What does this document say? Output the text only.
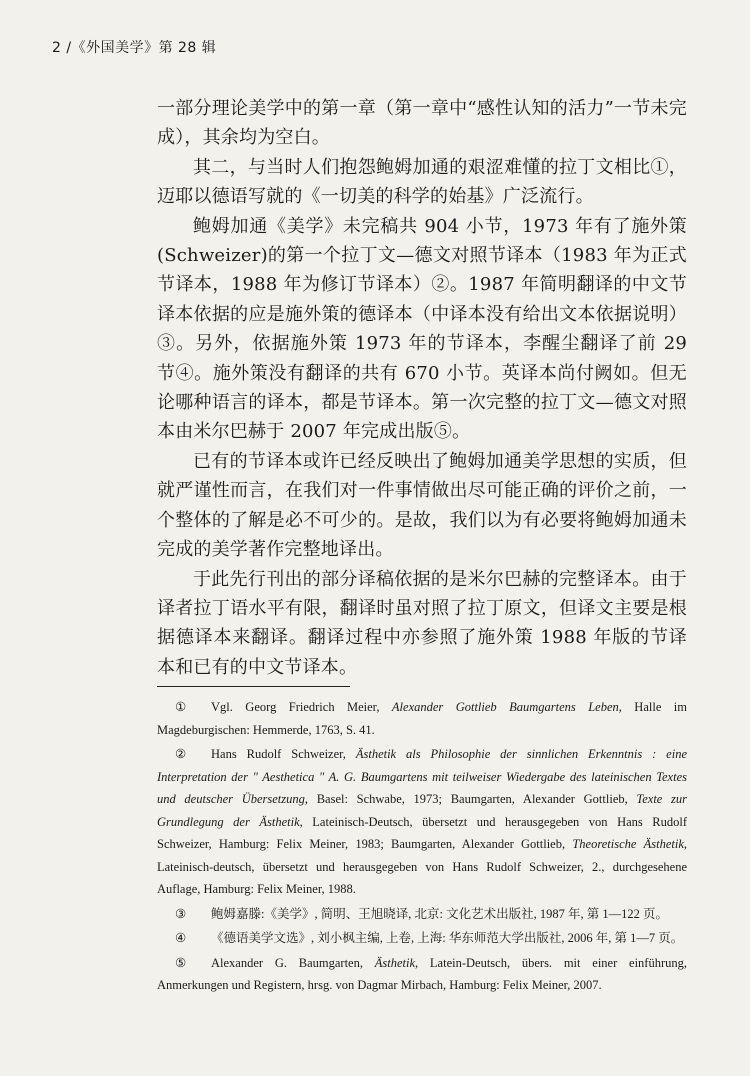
2 /《外国美学》第 28 辑

一部分理论美学中的第一章（第一章中“感性认知的活力”一节未完成），其余均为空白。

其二，与当时人们抱怨鲍姆加通的艰涩难懂的拉丁文相比①，迈耶以德语写就的《一切美的科学的始基》广泛流行。

鲍姆加通《美学》未完稿共 904 小节，1973 年有了施外策(Schweizer)的第一个拉丁文—德文对照节译本（1983 年为正式节译本，1988 年为修订节译本）②。1987 年简明翻译的中文节译本依据的应是施外策的德译本（中译本没有给出文本依据说明）③。另外，依据施外策 1973 年的节译本，李醒尘翻译了前 29 节④。施外策没有翻译的共有 670 小节。英译本尚付阙如。但无论哪种语言的译本，都是节译本。第一次完整的拉丁文—德文对照本由米尔巴赫于 2007 年完成出版⑤。

已有的节译本或许已经反映出了鲍姆加通美学思想的实质，但就严谨性而言，在我们对一件事情做出尽可能正确的评价之前，一个整体的了解是必不可少的。是故，我们以为有必要将鲍姆加通未完成的美学著作完整地译出。

于此先行刊出的部分译稿依据的是米尔巴赫的完整译本。由于译者拉丁语水平有限，翻译时虽对照了拉丁原文，但译文主要是根据德译本来翻译。翻译过程中亦参照了施外策 1988 年版的节译本和已有的中文节译本。

① Vgl. Georg Friedrich Meier, Alexander Gottlieb Baumgartens Leben, Halle im Magdeburgischen: Hemmerde, 1763, S. 41.

② Hans Rudolf Schweizer, Ästhetik als Philosophie der sinnlichen Erkenntnis : eine Interpretation der " Aesthetica " A. G. Baumgartens mit teilweiser Wiedergabe des lateinischen Textes und deutscher Übersetzung, Basel: Schwabe, 1973; Baumgarten, Alexander Gottlieb, Texte zur Grundlegung der Ästhetik, Lateinisch-Deutsch, übersetzt und herausgegeben von Hans Rudolf Schweizer, Hamburg: Felix Meiner, 1983; Baumgarten, Alexander Gottlieb, Theoretische Ästhetik, Lateinisch-deutsch, übersetzt und herausgegeben von Hans Rudolf Schweizer, 2., durchgesehene Auflage, Hamburg: Felix Meiner, 1988.

③ 鲍姆嘉滕:《美学》, 简明、王旭晓译, 北京: 文化艺术出版社, 1987 年, 第 1—122 页。

④ 《德语美学文选》, 刘小枫主编, 上卷, 上海: 华东师范大学出版社, 2006 年, 第 1—7 页。

⑤ Alexander G. Baumgarten, Ästhetik, Latein-Deutsch, übers. mit einer einführung, Anmerkungen und Registern, hrsg. von Dagmar Mirbach, Hamburg: Felix Meiner, 2007.
